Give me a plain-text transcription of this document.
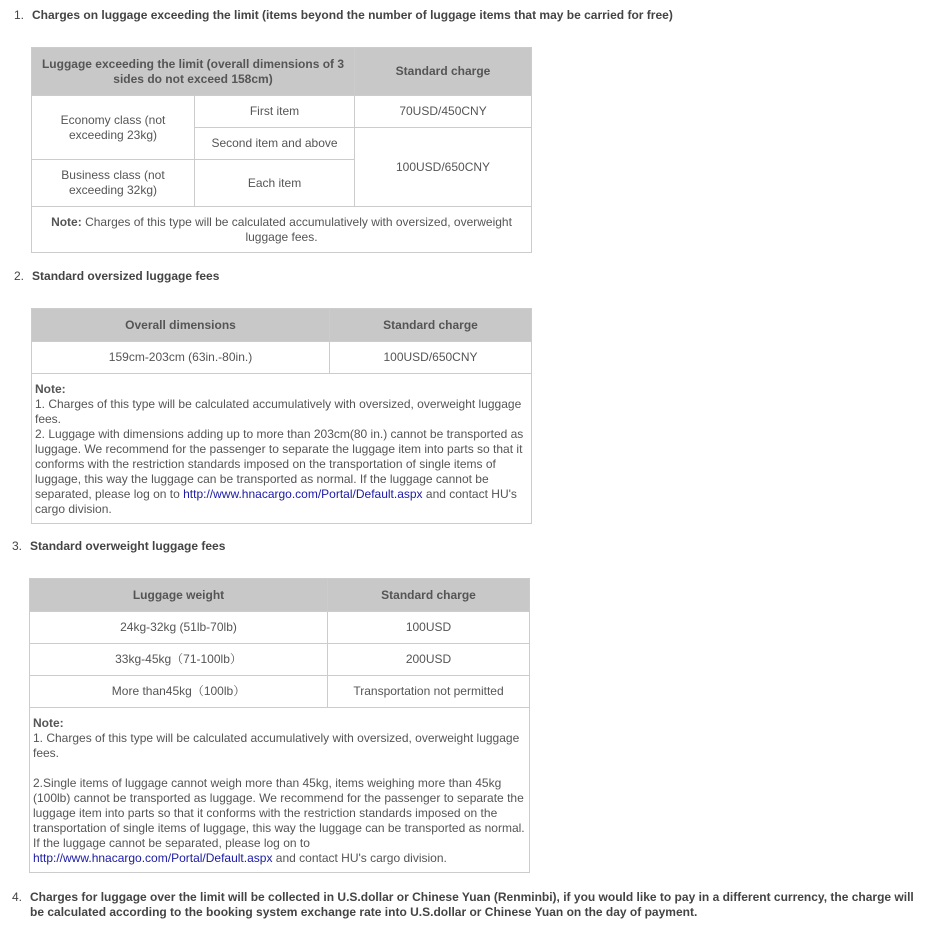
1. Charges on luggage exceeding the limit (items beyond the number of luggage items that may be carried for free)
Luggage exceeding the limit (overall dimensions of 3 sides do not exceed 158cm)		Standard charge
Economy class (not exceeding 23kg)	First item	70USD/450CNY
	Second item and above	100USD/650CNY
Business class (not exceeding 32kg)	Each item	
Note: Charges of this type will be calculated accumulatively with oversized, overweight luggage fees.		
2. Standard oversized luggage fees
Overall dimensions	Standard charge
159cm-203cm (63in.-80in.)	100USD/650CNY

Note:

1. Charges of this type will be calculated accumulatively with oversized, overweight luggage fees.

2. Luggage with dimensions adding up to more than 203cm(80 in.) cannot be transported as luggage. We recommend for the passenger to separate the luggage item into parts so that it conforms with the restriction standards imposed on the transportation of single items of luggage, this way the luggage can be transported as normal. If the luggage cannot be separated, please log on to http://www.hnacargo.com/Portal/Default.aspx and contact HU's cargo division.	

3. Standard overweight luggage fees
Luggage weight	Standard charge
24kg-32kg (51lb-70lb)	100USD
33kg-45kg（71-100lb）	200USD
More than45kg（100lb）	Transportation not permitted

Note:

1. Charges of this type will be calculated accumulatively with oversized, overweight luggage fees.

2.Single items of luggage cannot weigh more than 45kg, items weighing more than 45kg (100lb) cannot be transported as luggage. We recommend for the passenger to separate the luggage item into parts so that it conforms with the restriction standards imposed on the transportation of single items of luggage, this way the luggage can be transported as normal. If the luggage cannot be separated, please log on to http://www.hnacargo.com/Portal/Default.aspx and contact HU's cargo division.	

4. Charges for luggage over the limit will be collected in U.S.dollar or Chinese Yuan (Renminbi), if you would like to pay in a different currency, the charge will be calculated according to the booking system exchange rate into U.S.dollar or Chinese Yuan on the day of payment.
